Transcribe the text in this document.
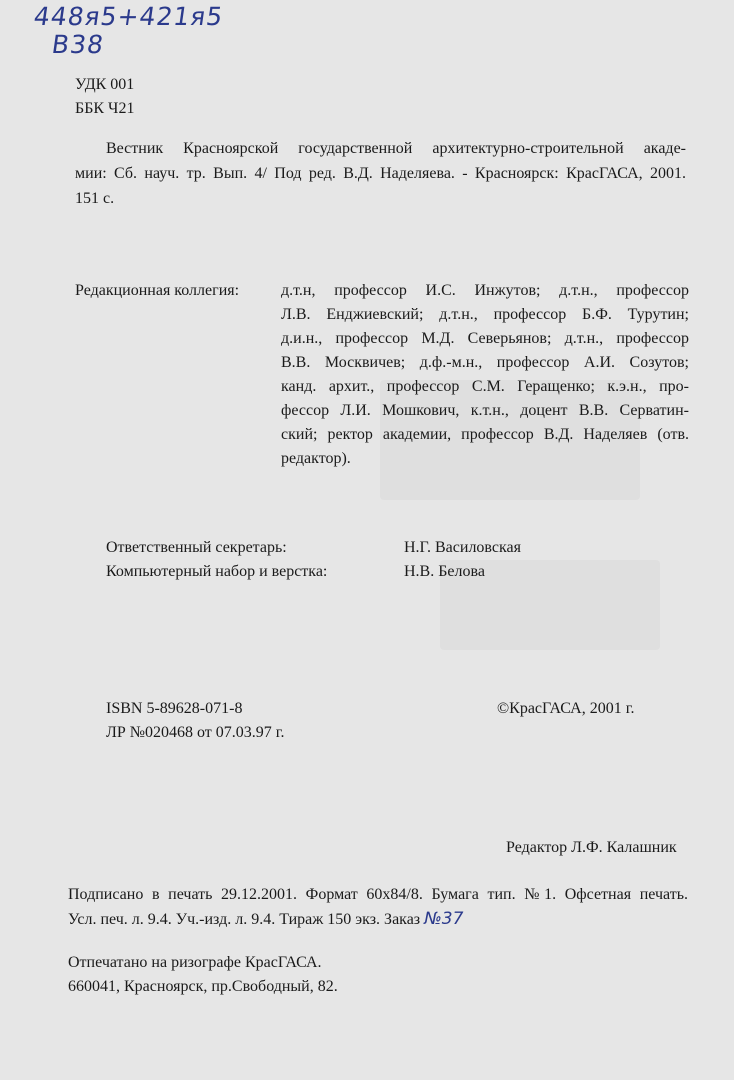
448я5+421я5
В38
УДК 001
ББК Ч21
Вестник Красноярской государственной архитектурно-строительной акаде-
мии: Сб. науч. тр. Вып. 4/ Под ред. В.Д. Наделяева. - Красноярск: КрасГАСА, 2001.
151 с.
Редакционная коллегия:	д.т.н, профессор И.С. Инжутов; д.т.н., профессор
Л.В. Енджиевский; д.т.н., профессор Б.Ф. Турутин;
д.и.н., профессор М.Д. Северьянов; д.т.н., профессор
В.В. Москвичев; д.ф.-м.н., профессор А.И. Созутов;
канд. архит., профессор С.М. Геращенко; к.э.н., про-
фессор Л.И. Мошкович, к.т.н., доцент В.В. Серватин-
ский; ректор академии, профессор В.Д. Наделяев (отв.
редактор).
Ответственный секретарь:	Н.Г. Василовская
Компьютерный набор и верстка:	Н.В. Белова
ISBN 5-89628-071-8	©КрасГАСА, 2001 г.
ЛР №020468 от 07.03.97 г.
Редактор Л.Ф. Калашник
Подписано в печать 29.12.2001. Формат 60х84/8. Бумага тип. №1. Офсетная печать.
Усл. печ. л. 9.4. Уч.-изд. л. 9.4. Тираж 150 экз. Заказ №37
Отпечатано на ризографе КрасГАСА.
660041, Красноярск, пр.Свободный, 82.
